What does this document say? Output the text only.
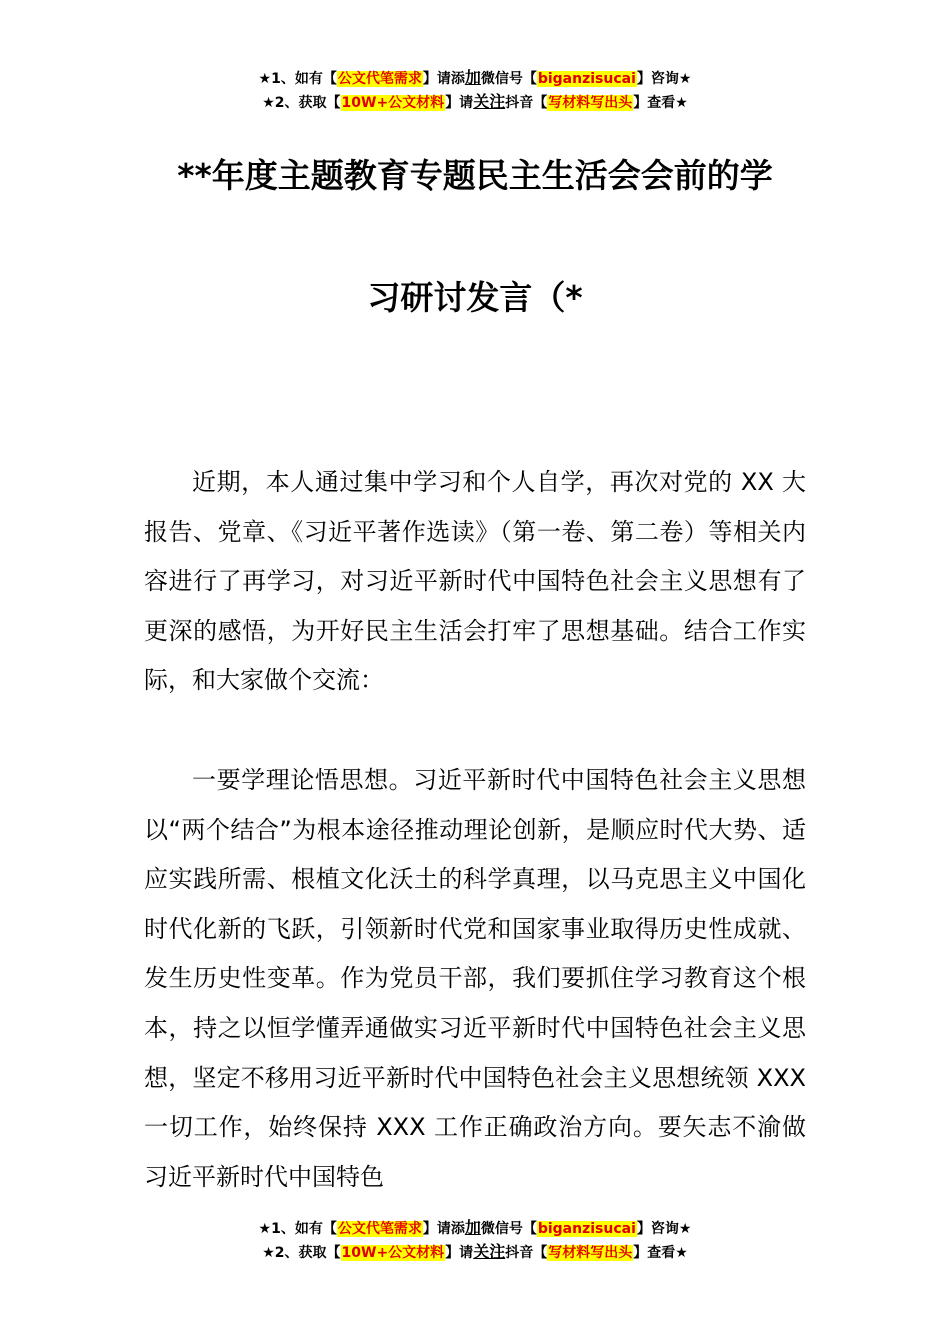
★1、如有【公文代笔需求】请添加微信号【biganzisucai】咨询★
★2、获取【10W+公文材料】请关注抖音【写材料写出头】查看★
**年度主题教育专题民主生活会会前的学
习研讨发言（*

近期，本人通过集中学习和个人自学，再次对党的 XX 大报告、党章、《习近平著作选读》（第一卷、第二卷）等相关内容进行了再学习，对习近平新时代中国特色社会主义思想有了更深的感悟，为开好民主生活会打牢了思想基础。结合工作实际，和大家做个交流：

一要学理论悟思想。习近平新时代中国特色社会主义思想以“两个结合”为根本途径推动理论创新，是顺应时代大势、适应实践所需、根植文化沃土的科学真理，以马克思主义中国化时代化新的飞跃，引领新时代党和国家事业取得历史性成就、发生历史性变革。作为党员干部，我们要抓住学习教育这个根本，持之以恒学懂弄通做实习近平新时代中国特色社会主义思想，坚定不移用习近平新时代中国特色社会主义思想统领 XXX 一切工作，始终保持 XXX 工作正确政治方向。要矢志不渝做习近平新时代中国特色

★1、如有【公文代笔需求】请添加微信号【biganzisucai】咨询★
★2、获取【10W+公文材料】请关注抖音【写材料写出头】查看★
